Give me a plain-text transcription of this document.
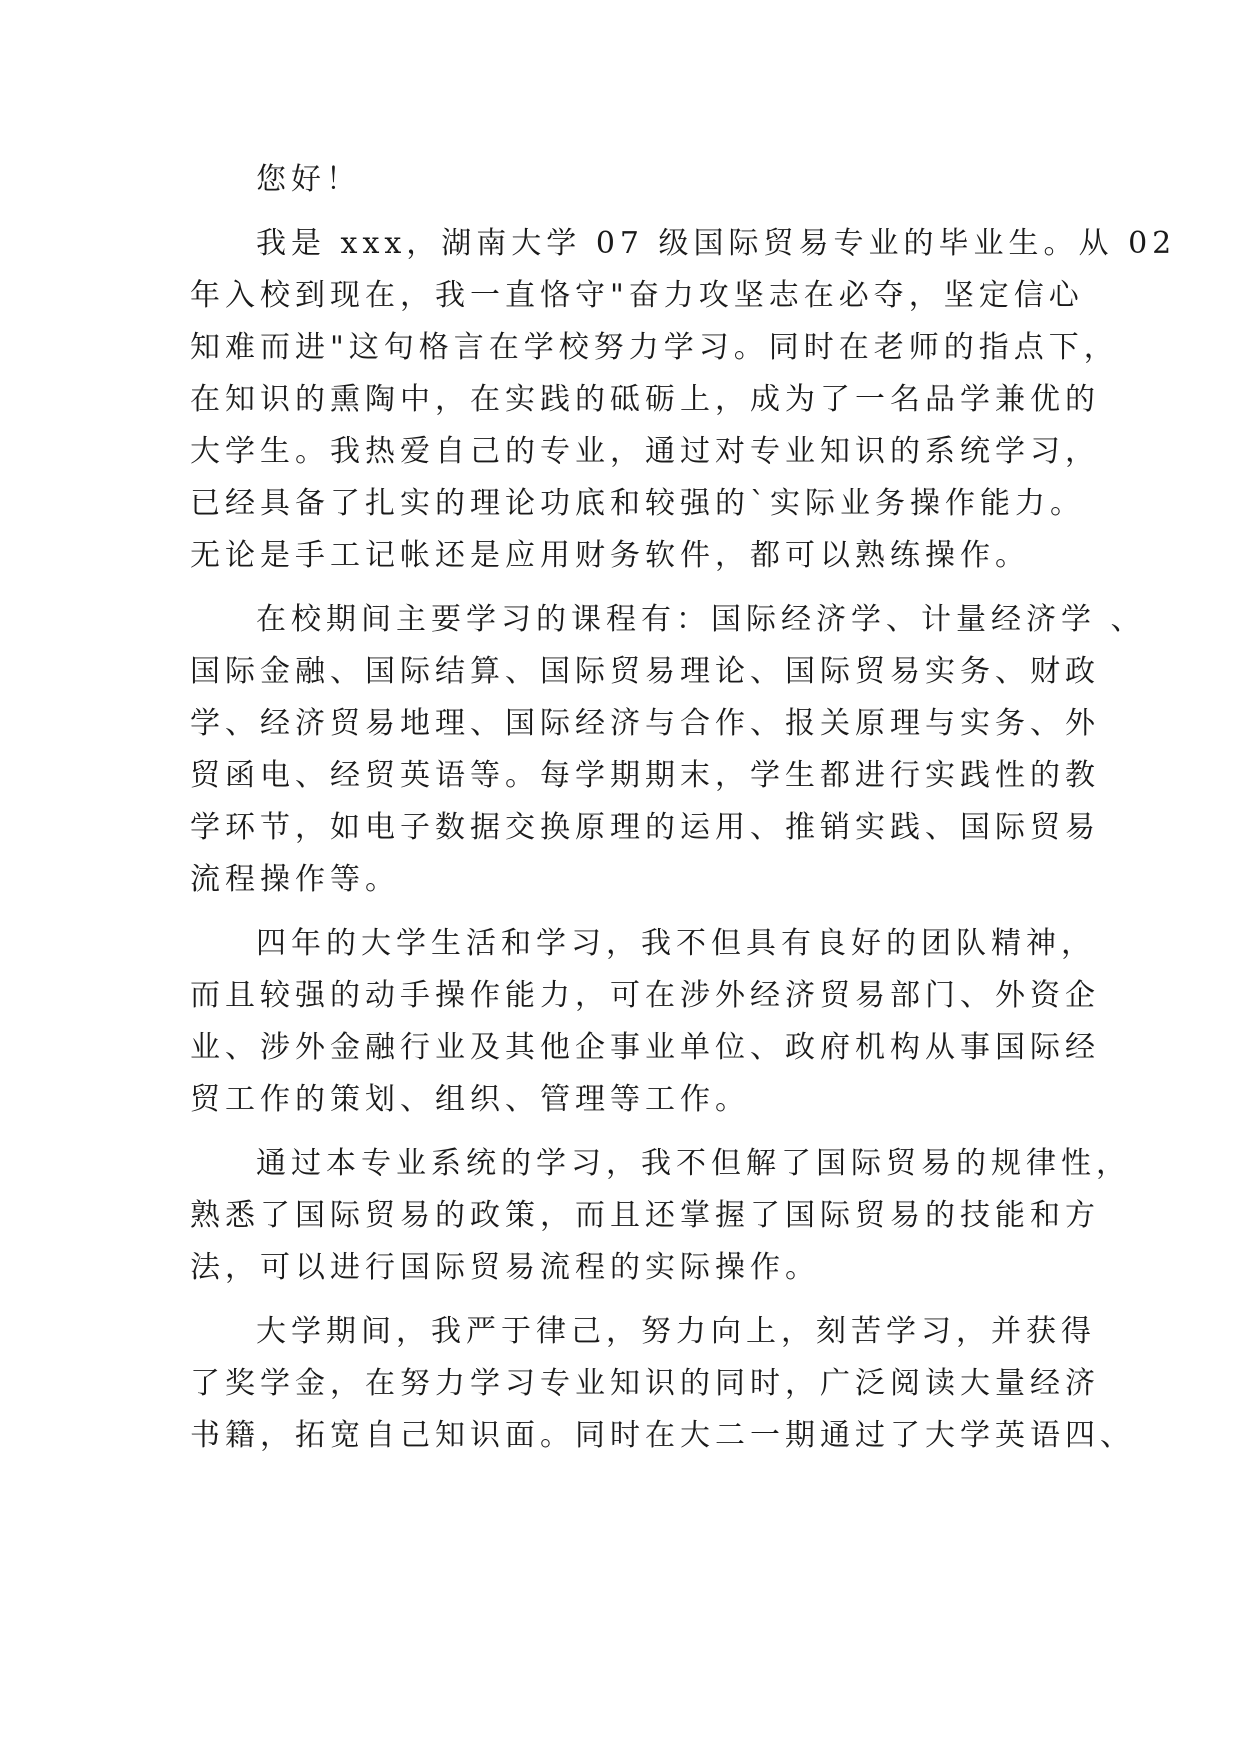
您好！

我是 xxx，湖南大学 07 级国际贸易专业的毕业生。从 02

年入校到现在，我一直恪守"奋力攻坚志在必夺，坚定信心

知难而进"这句格言在学校努力学习。同时在老师的指点下，

在知识的熏陶中，在实践的砥砺上，成为了一名品学兼优的

大学生。我热爱自己的专业，通过对专业知识的系统学习，

已经具备了扎实的理论功底和较强的`实际业务操作能力。

无论是手工记帐还是应用财务软件，都可以熟练操作。

在校期间主要学习的课程有：国际经济学、计量经济学 、

国际金融、国际结算、国际贸易理论、国际贸易实务、财政

学、经济贸易地理、国际经济与合作、报关原理与实务、外

贸函电、经贸英语等。每学期期末，学生都进行实践性的教

学环节，如电子数据交换原理的运用、推销实践、国际贸易

流程操作等。

四年的大学生活和学习，我不但具有良好的团队精神，

而且较强的动手操作能力，可在涉外经济贸易部门、外资企

业、涉外金融行业及其他企事业单位、政府机构从事国际经

贸工作的策划、组织、管理等工作。

通过本专业系统的学习，我不但解了国际贸易的规律性，

熟悉了国际贸易的政策，而且还掌握了国际贸易的技能和方

法，可以进行国际贸易流程的实际操作。

大学期间，我严于律己，努力向上，刻苦学习，并获得

了奖学金，在努力学习专业知识的同时，广泛阅读大量经济

书籍，拓宽自己知识面。同时在大二一期通过了大学英语四、
